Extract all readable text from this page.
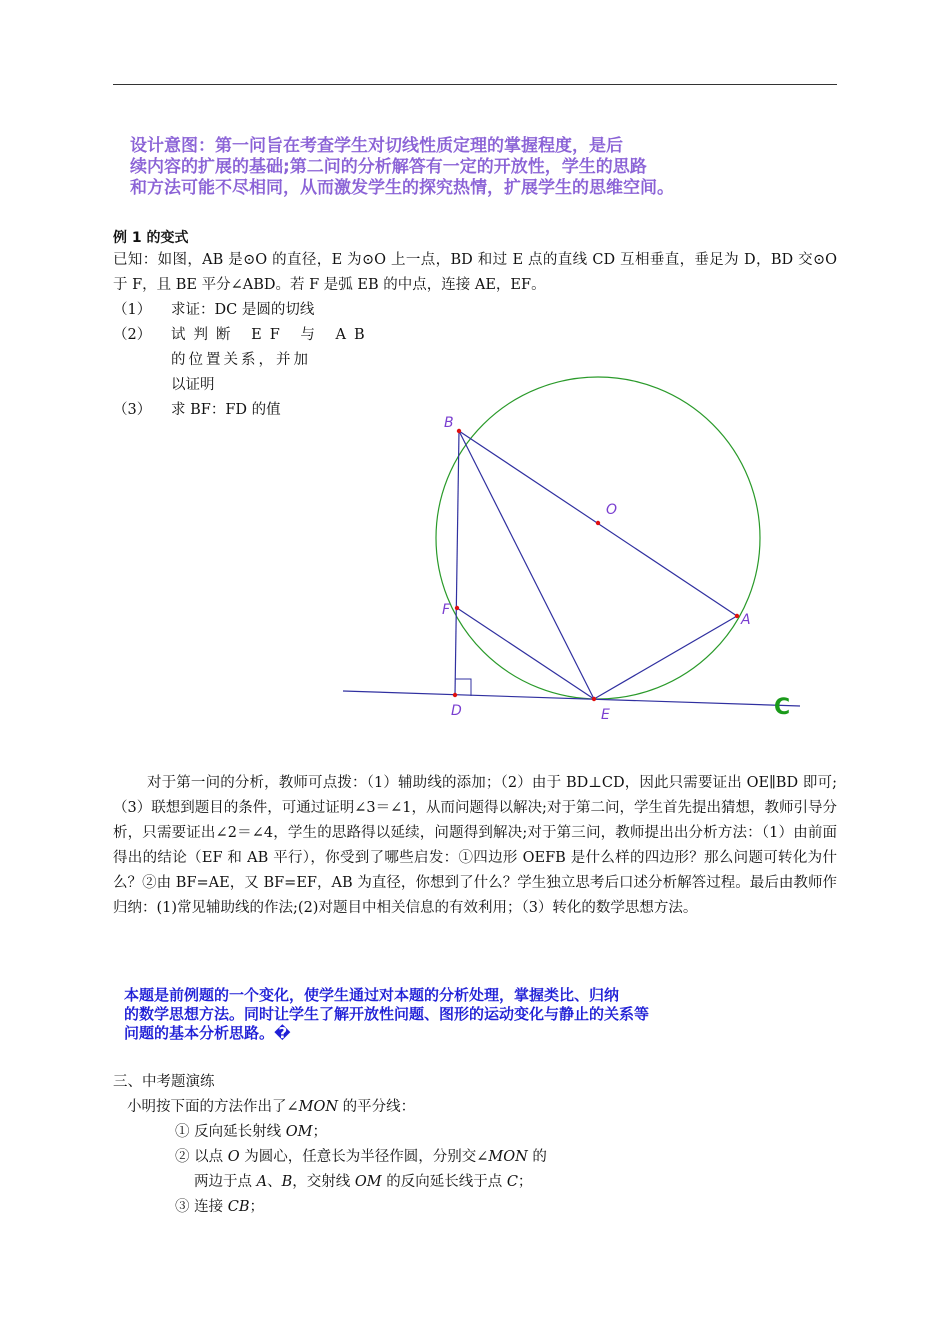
设计意图：第一问旨在考查学生对切线性质定理的掌握程度，是后
续内容的扩展的基础;第二问的分析解答有一定的开放性，学生的思路
和方法可能不尽相同，从而激发学生的探究热情，扩展学生的思维空间。
例 1 的变式
已知：如图，AB 是⊙O 的直径，E 为⊙O 上一点，BD 和过 E 点的直线 CD 互相垂直，垂足为 D，BD 交⊙O 于 F，且 BE 平分∠ABD。若 F 是弧 EB 的中点，连接 AE，EF。
（1） 求证：DC 是圆的切线
（2） 试判断 EF 与 AB
的位置关系，并加
以证明
（3） 求 BF：FD 的值
B
O
F
A
D	E	C
对于第一问的分析，教师可点拨：（1）辅助线的添加；（2）由于 BD⊥CD，因此只需要证出 OE∥BD 即可;（3）联想到题目的条件，可通过证明∠3＝∠1，从而问题得以解决;对于第二问，学生首先提出猜想，教师引导分析，只需要证出∠2＝∠4，学生的思路得以延续，问题得到解决;对于第三问，教师提出出分析方法：（1）由前面得出的结论（EF 和 AB 平行），你受到了哪些启发：①四边形 OEFB 是什么样的四边形？那么问题可转化为什么？②由 BF=AE，又 BF=EF，AB 为直径，你想到了什么？学生独立思考后口述分析解答过程。最后由教师作归纳：(1)常见辅助线的作法;(2)对题目中相关信息的有效利用；（3）转化的数学思想方法。
本题是前例题的一个变化，使学生通过对本题的分析处理，掌握类比、归纳
的数学思想方法。同时让学生了解开放性问题、图形的运动变化与静止的关系等
问题的基本分析思路。�
三、中考题演练
小明按下面的方法作出了∠MON 的平分线：
① 反向延长射线 OM；
② 以点 O 为圆心，任意长为半径作圆，分别交∠MON 的
两边于点 A、B，交射线 OM 的反向延长线于点 C；
③ 连接 CB；
